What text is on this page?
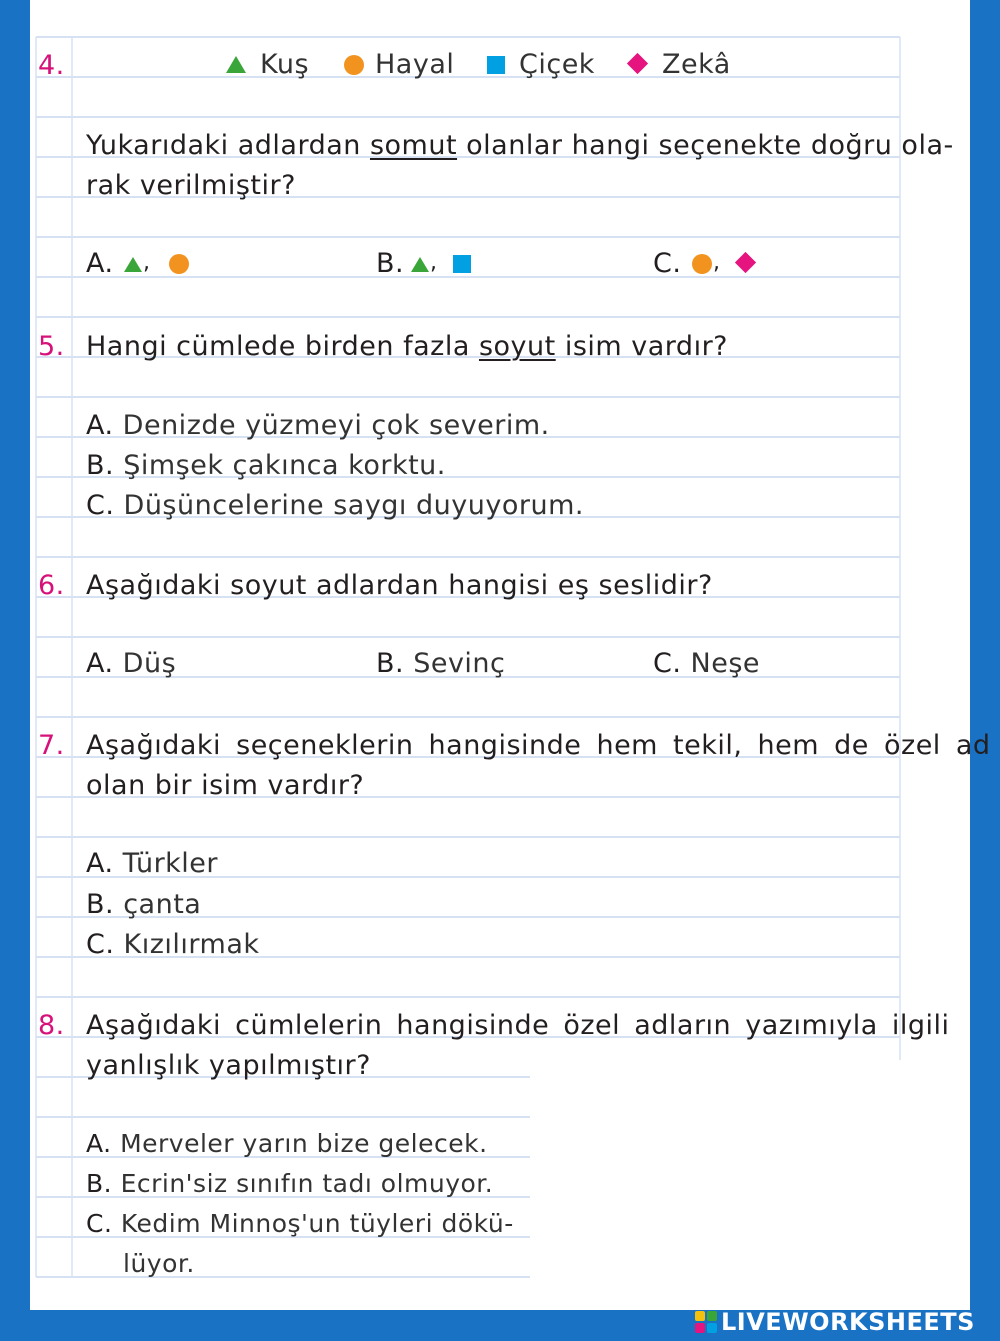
4.	Kuş Hayal Çiçek Zekâ
Yukarıdaki adlardan somut olanlar hangi seçenekte doğru ola-
rak verilmiştir?
A. ,	B. ,	C. ,
5. Hangi cümlede birden fazla soyut isim vardır?
A. Denizde yüzmeyi çok severim.
B. Şimşek çakınca korktu.
C. Düşüncelerine saygı duyuyorum.
6. Aşağıdaki soyut adlardan hangisi eş seslidir?
A. Düş	B. Sevinç	C. Neşe
7. Aşağıdaki seçeneklerin hangisinde hem tekil, hem de özel ad
olan bir isim vardır?
A. Türkler
B. çanta
C. Kızılırmak
8. Aşağıdaki cümlelerin hangisinde özel adların yazımıyla ilgili
yanlışlık yapılmıştır?
A. Merveler yarın bize gelecek.
B. Ecrin'siz sınıfın tadı olmuyor.
C. Kedim Minnoş'un tüyleri dökü-
lüyor.
LIVEWORKSHEETS
